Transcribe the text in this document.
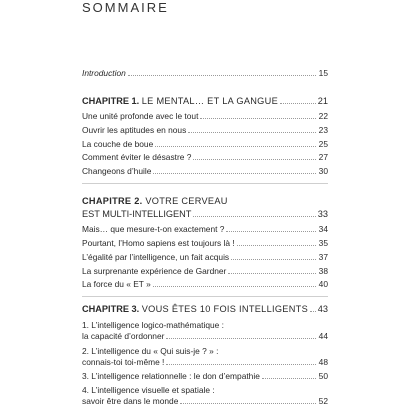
SOMMAIRE
Introduction	15
CHAPITRE 1. LE MENTAL… ET LA GANGUE	21
Une unité profonde avec le tout	22
Ouvrir les aptitudes en nous	23
La couche de boue	25
Comment éviter le désastre ?	27
Changeons d’huile	30
CHAPITRE 2. VOTRE CERVEAU
EST MULTI-INTELLIGENT	33
Mais… que mesure-t-on exactement ?	34
Pourtant, l’Homo sapiens est toujours là !	35
L’égalité par l’intelligence, un fait acquis	37
La surprenante expérience de Gardner	38
La force du « ET »	40
CHAPITRE 3. VOUS ÊTES 10 FOIS INTELLIGENTS 43
1. L’intelligence logico-mathématique :
la capacité d’ordonner	44
2. L’intelligence du « Qui suis-je ? » :
connais-toi toi-même !	48
3. L’intelligence relationnelle : le don d’empathie	50
4. L’intelligence visuelle et spatiale :
savoir être dans le monde	52
